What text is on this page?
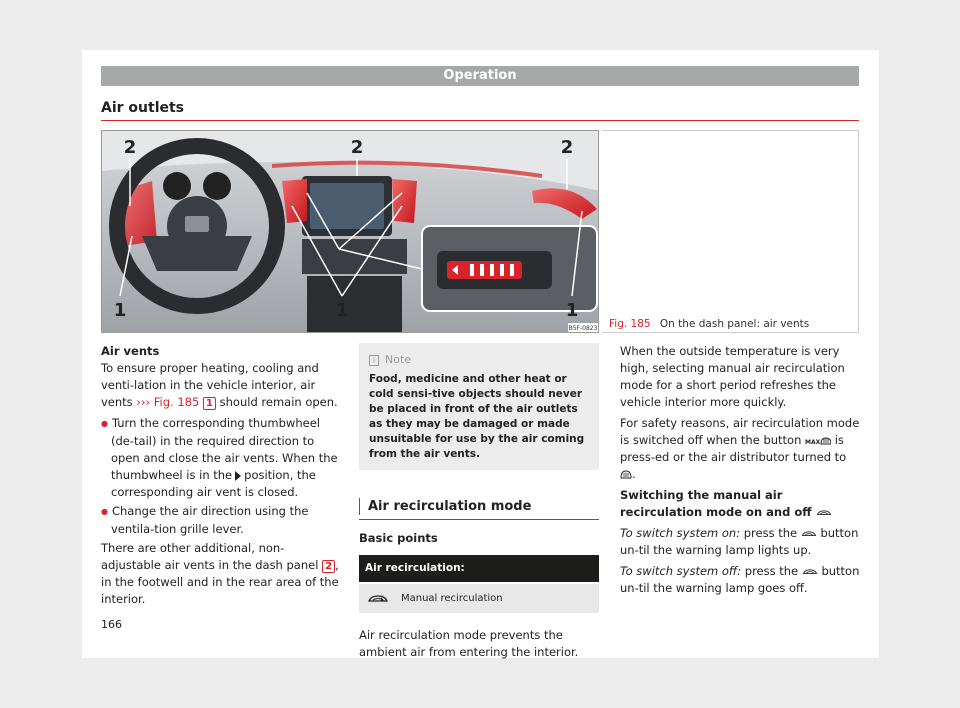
Operation
Air outlets
2	2	2
1	1	1
B5F-0823 Fig. 185 On the dash panel: air vents
Air vents

To ensure proper heating, cooling and venti-lation in the vehicle interior, air vents ››› Fig. 185 1 should remain open.

● Turn the corresponding thumbwheel (de-tail) in the required direction to open and close the air vents. When the thumbwheel is in the position, the corresponding air vent is closed.
● Change the air direction using the ventila-tion grille lever.

There are other additional, non-adjustable air vents in the dash panel 2 , in the footwell and in the rear area of the interior.

i Note
Food, medicine and other heat or cold sensi-tive objects should never be placed in front of the air outlets as they may be damaged or made unsuitable for use by the air coming from the air vents.
Air recirculation mode
Basic points
Air recirculation:
Manual recirculation

Air recirculation mode prevents the ambient air from entering the interior.

When the outside temperature is very high, selecting manual air recirculation mode for a short period refreshes the vehicle interior more quickly.

For safety reasons, air recirculation mode is switched off when the button MAX is press-ed or the air distributor turned to .

Switching the manual air recirculation mode on and off

To switch system on: press the button un-til the warning lamp lights up.

To switch system off: press the button un-til the warning lamp goes off.

166
